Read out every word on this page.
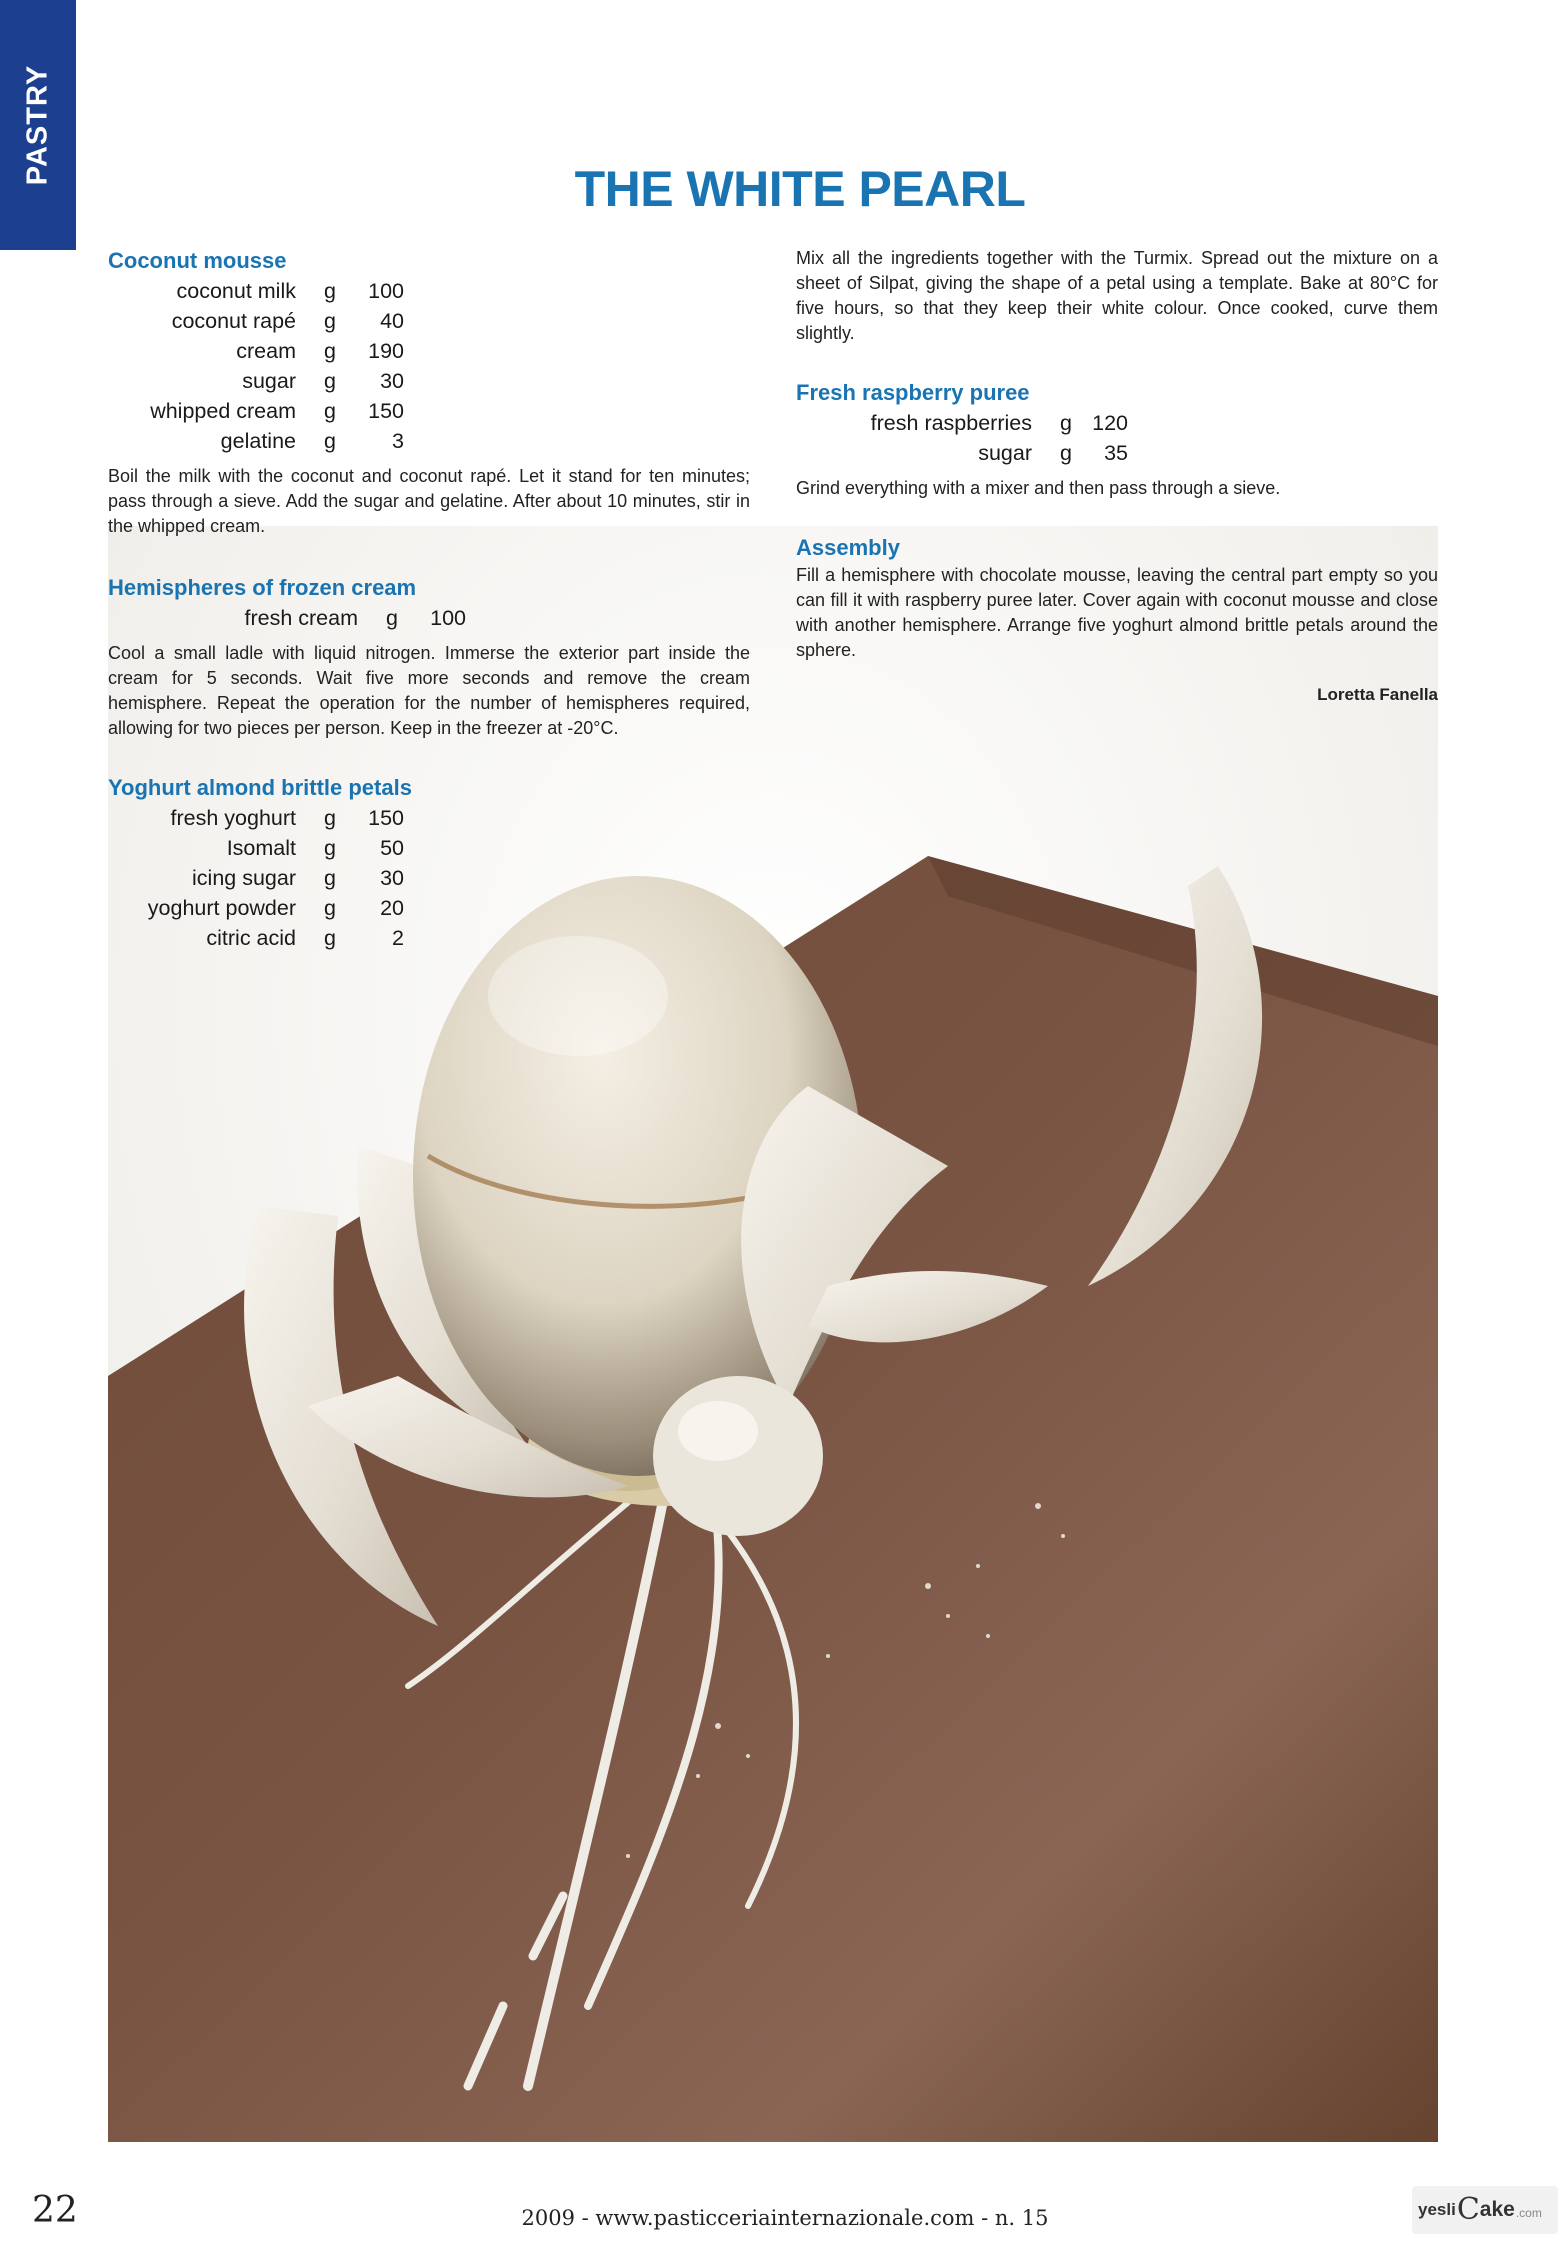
PASTRY
THE WHITE PEARL
Coconut mousse
coconut milk	g	100
coconut rapé	g	40
cream	g	190
sugar	g	30
whipped cream	g	150
gelatine	g	3

Boil the milk with the coconut and coconut rapé. Let it stand for ten minutes; pass through a sieve. Add the sugar and gelatine. After about 10 minutes, stir in the whipped cream.

Hemispheres of frozen cream
fresh cream	g	100

Cool a small ladle with liquid nitrogen. Immerse the exterior part inside the cream for 5 seconds. Wait five more seconds and remove the cream hemisphere. Repeat the operation for the number of hemispheres required, allowing for two pieces per person. Keep in the freezer at -20°C.

Yoghurt almond brittle petals
fresh yoghurt	g	150
Isomalt	g	50
icing sugar	g	30
yoghurt powder	g	20
citric acid	g	2

Mix all the ingredients together with the Turmix. Spread out the mixture on a sheet of Silpat, giving the shape of a petal using a template. Bake at 80°C for five hours, so that they keep their white colour. Once cooked, curve them slightly.

Fresh raspberry puree
fresh raspberries	g	120
sugar	g	35

Grind everything with a mixer and then pass through a sieve.

Assembly

Fill a hemisphere with chocolate mousse, leaving the central part empty so you can fill it with raspberry puree later. Cover again with coconut mousse and close with another hemisphere. Arrange five yoghurt almond brittle petals around the sphere.

Loretta Fanella
22	2009 - www.pasticceriainternazionale.com - n. 15	yesli C ake .com
